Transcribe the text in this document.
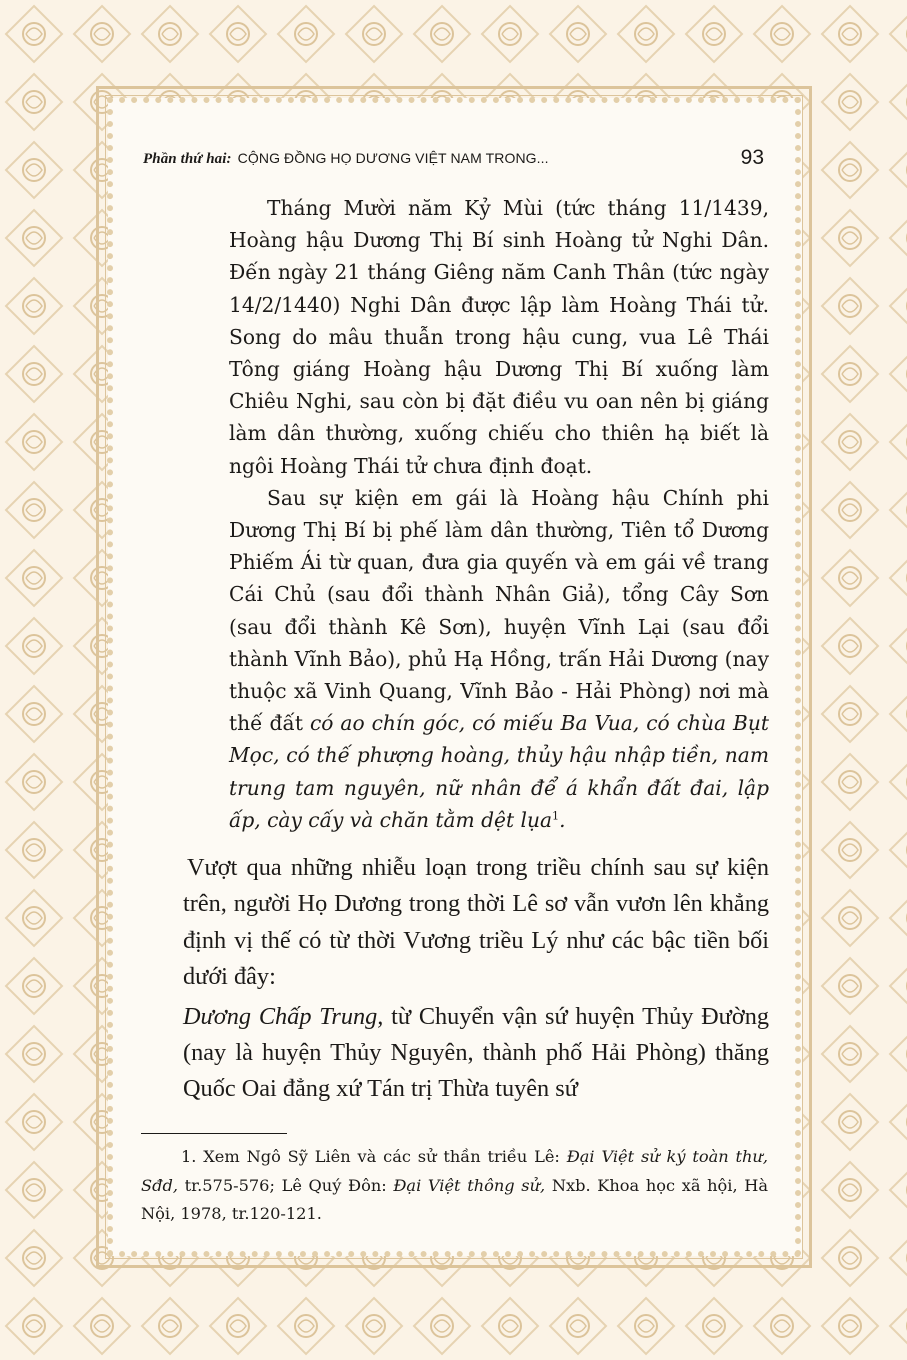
Phần thứ hai: CỘNG ĐỒNG HỌ DƯƠNG VIỆT NAM TRONG...	93

Tháng Mười năm Kỷ Mùi (tức tháng 11/1439, Hoàng hậu Dương Thị Bí sinh Hoàng tử Nghi Dân. Đến ngày 21 tháng Giêng năm Canh Thân (tức ngày 14/2/1440) Nghi Dân được lập làm Hoàng Thái tử. Song do mâu thuẫn trong hậu cung, vua Lê Thái Tông giáng Hoàng hậu Dương Thị Bí xuống làm Chiêu Nghi, sau còn bị đặt điều vu oan nên bị giáng làm dân thường, xuống chiếu cho thiên hạ biết là ngôi Hoàng Thái tử chưa định đoạt.

Sau sự kiện em gái là Hoàng hậu Chính phi Dương Thị Bí bị phế làm dân thường, Tiên tổ Dương Phiếm Ái từ quan, đưa gia quyến và em gái về trang Cái Chủ (sau đổi thành Nhân Giả), tổng Cây Sơn (sau đổi thành Kê Sơn), huyện Vĩnh Lại (sau đổi thành Vĩnh Bảo), phủ Hạ Hồng, trấn Hải Dương (nay thuộc xã Vinh Quang, Vĩnh Bảo - Hải Phòng) nơi mà thế đất có ao chín góc, có miếu Ba Vua, có chùa Bụt Mọc, có thế phượng hoàng, thủy hậu nhập tiền, nam trung tam nguyên, nữ nhân để á khẩn đất đai, lập ấp, cày cấy và chăn tằm dệt lụa$^1$.

Vượt qua những nhiễu loạn trong triều chính sau sự kiện trên, người Họ Dương trong thời Lê sơ vẫn vươn lên khẳng định vị thế có từ thời Vương triều Lý như các bậc tiền bối dưới đây:

Dương Chấp Trung, từ Chuyển vận sứ huyện Thủy Đường (nay là huyện Thủy Nguyên, thành phố Hải Phòng) thăng Quốc Oai đẳng xứ Tán trị Thừa tuyên sứ

1. Xem Ngô Sỹ Liên và các sử thần triều Lê: Đại Việt sử ký toàn thư, Sđd, tr.575-576; Lê Quý Đôn: Đại Việt thông sử, Nxb. Khoa học xã hội, Hà Nội, 1978, tr.120-121.
